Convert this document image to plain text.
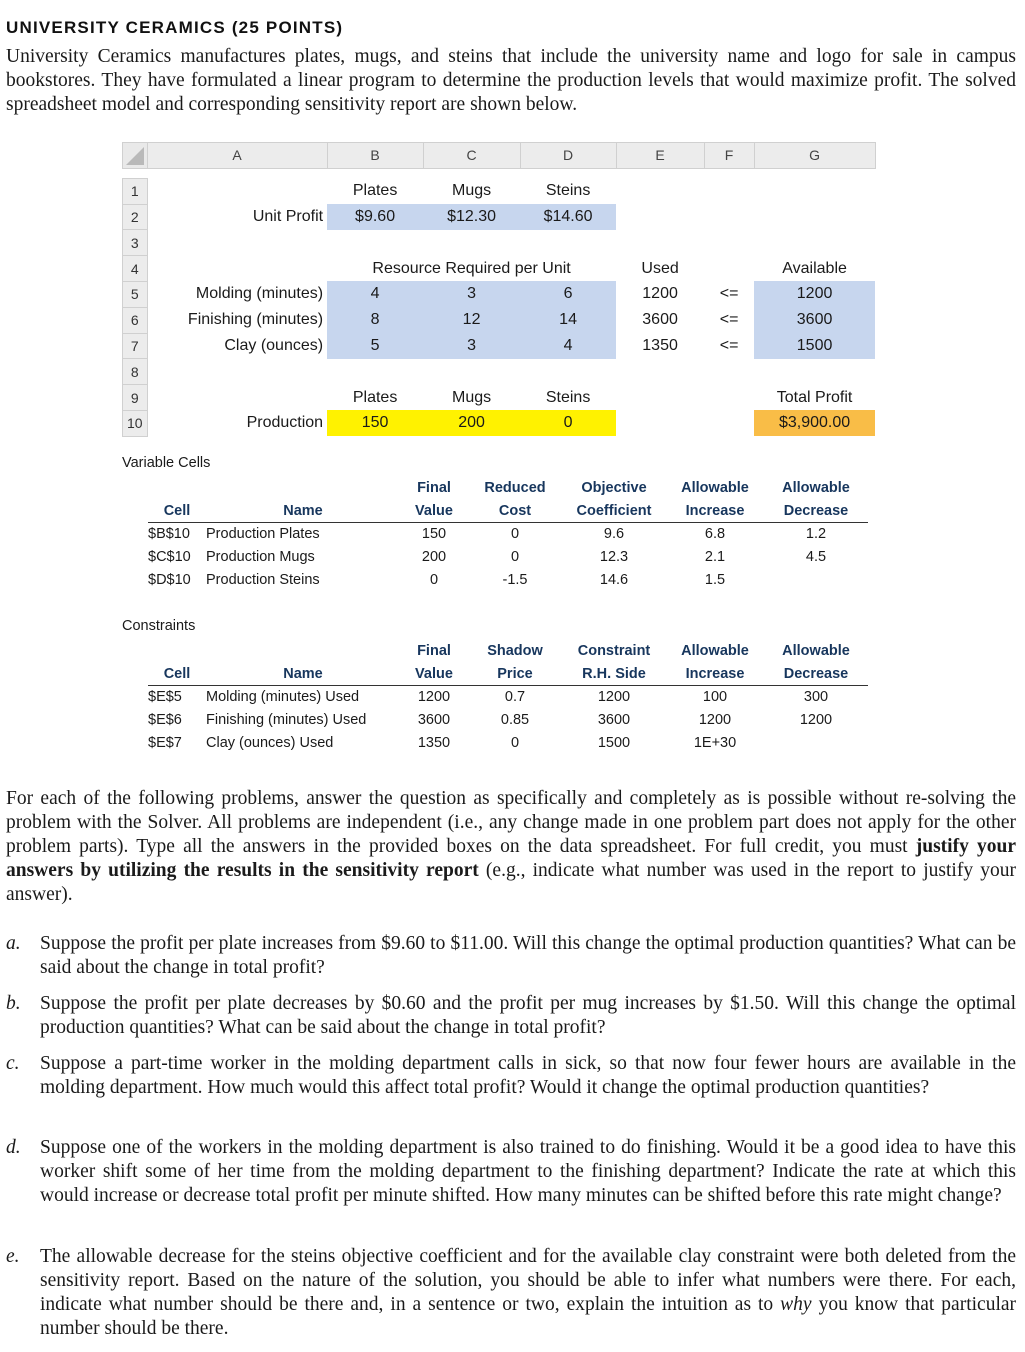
UNIVERSITY CERAMICS (25 POINTS)
University Ceramics manufactures plates, mugs, and steins that include the university name and logo for sale in campus bookstores. They have formulated a linear program to determine the production levels that would maximize profit. The solved spreadsheet model and corresponding sensitivity report are shown below.
	A	B	C	D	E	F	G

1		Plates	Mugs	Steins			
2	Unit Profit	$9.60	$12.30	$14.60			
3							
4		Resource Required per Unit			Used		Available
5	Molding (minutes)	4	3	6	1200	<=	1200
6	Finishing (minutes)	8	12	14	3600	<=	3600
7	Clay (ounces)	5	3	4	1350	<=	1500
8							
9		Plates	Mugs	Steins			Total Profit
10	Production	150	200	0			$3,900.00
Variable Cells
		Final	Reduced	Objective	Allowable	Allowable
Cell	Name	Value	Cost	Coefficient	Increase	Decrease
$B$10	Production Plates	150	0	9.6	6.8	1.2
$C$10	Production Mugs	200	0	12.3	2.1	4.5
$D$10	Production Steins	0	-1.5	14.6	1.5	
Constraints
		Final	Shadow	Constraint	Allowable	Allowable
Cell	Name	Value	Price	R.H. Side	Increase	Decrease
$E$5	Molding (minutes) Used	1200	0.7	1200	100	300
$E$6	Finishing (minutes) Used	3600	0.85	3600	1200	1200
$E$7	Clay (ounces) Used	1350	0	1500	1E+30	
For each of the following problems, answer the question as specifically and completely as is possible without re-solving the problem with the Solver. All problems are independent (i.e., any change made in one problem part does not apply for the other problem parts). Type all the answers in the provided boxes on the data spreadsheet. For full credit, you must justify your answers by utilizing the results in the sensitivity report (e.g., indicate what number was used in the report to justify your answer).
a. Suppose the profit per plate increases from $9.60 to $11.00. Will this change the optimal production quantities? What can be said about the change in total profit?
b. Suppose the profit per plate decreases by $0.60 and the profit per mug increases by $1.50. Will this change the optimal production quantities? What can be said about the change in total profit?
c. Suppose a part-time worker in the molding department calls in sick, so that now four fewer hours are available in the molding department. How much would this affect total profit? Would it change the optimal production quantities?
d. Suppose one of the workers in the molding department is also trained to do finishing. Would it be a good idea to have this worker shift some of her time from the molding department to the finishing department? Indicate the rate at which this would increase or decrease total profit per minute shifted. How many minutes can be shifted before this rate might change?
e. The allowable decrease for the steins objective coefficient and for the available clay constraint were both deleted from the sensitivity report. Based on the nature of the solution, you should be able to infer what numbers were there. For each, indicate what number should be there and, in a sentence or two, explain the intuition as to why you know that particular number should be there.
